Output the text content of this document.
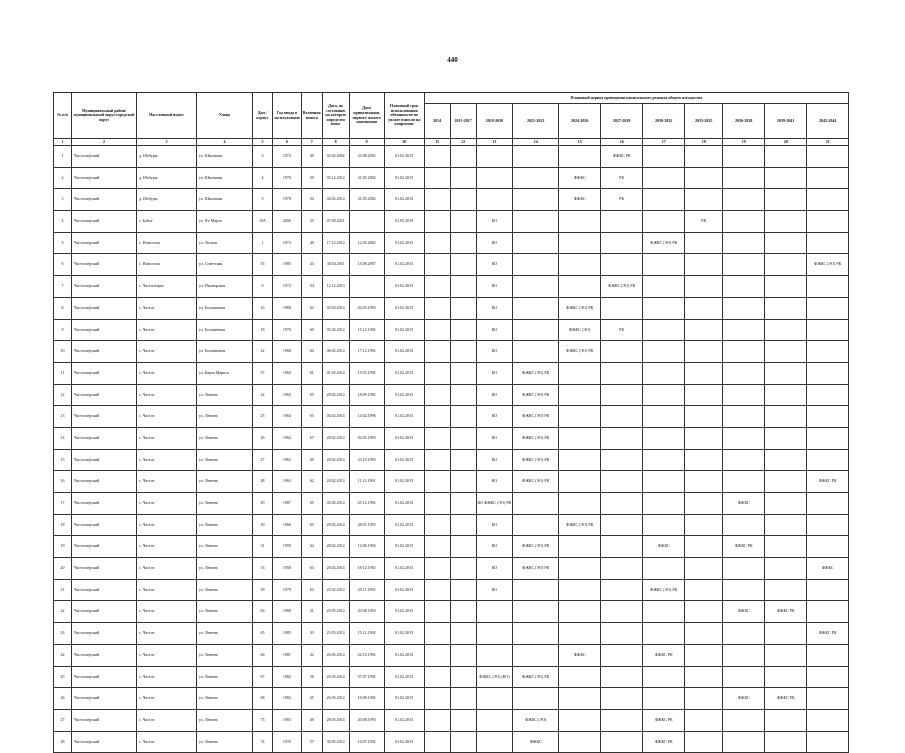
440
№ п/п	Муниципальный район/муниципальный округ/городской округ	Населенный пункт	Улица	Дом / корпус	Год ввода в эксплуатацию	Величина износа	Дата, по состоянию на которую определен износ	Дата приватизации, первого жилого помещения	Плановый срок использования обязанности по уплате взносов на капремонт	Плановый период проведения капитального ремонта общего имущества										
										2014	2015-2017	2018-2020	2021-2023	2024-2026	2027-2029	2030-2032	2033-2035	2036-2038	2039-2041	2042-2044
1	2	3	4	5	6	7	8	9	10	11	12	13	14	15	16	17	18	19	20	21
1	Частоозерский	д. Шебуры	ул. Школьная	3	1974	49	02.02.2002	23.08.2002	01.02.2015						ФЖКС РК					
2	Частоозерский	д. Шебуры	ул. Школьная	4	1970	39	05.12.2014	31.05.2002	01.02.2015					ФЖКС	РК					
3	Частоозерский	д. Шебуры	ул. Школьная	5	1970	54	04.02.2014	31.05.2002	01.02.2015					ФЖКС	РК					
4	Частоозерский	с. Бабье	ул. 8-е Марта	10А	2006	33	07.09.2021		01.05.2019			КО					РК			
5	Частоозерский	с. Новоселы	ул. Лесная	1	1973	40	17.12.2014	12.03.2002	01.02.2015			КО				ФЖКС (ЭО) РК				
6	Частоозерский	с. Новоселы	ул. Советская	35	1985	43	30.04.2011	15.06.2007	01.02.2015			КО								ФЖКС (ЭО) РК
7	Частоозерский	с. Частоозерье	ул. Пионерская	6	1972	54	12.12.2013		01.02.2015			КО			ФЖКС (ЭО) РК					
8	Частоозерский	с. Частое	ул. Больничная	16	1968	62	03.02.2014	02.03.1993	01.02.2015			КО		ФЖКС (ЭО) РК						
9	Частоозерский	с. Частое	ул. Больничная	18	1970	60	05.02.2014	15.12.1992	01.02.2015			КО		ФЖКС (ЭО)	РК					
10	Частоозерский	с. Частое	ул. Больничная	22	1968	64	06.02.2014	17.12.1992	01.02.2015			КО		ФЖКС (ЭО) РК						
11	Частоозерский	с. Частое	ул. Карла Маркса	37	1963	61	01.02.2014	15.03.1992	01.02.2015			КО	ФЖКС (ЭО) РК							
12	Частоозерский	с. Частое	ул. Ленина	24	1963	65	28.02.2014	18.09.1992	01.02.2015			КО	ФЖКС (ЭО) РК							
13	Частоозерский	с. Частое	ул. Ленина	25	1964	65	03.02.2014	14.02.1996	01.02.2015			КО	ФЖКС (ЭО) РК							
14	Частоозерский	с. Частое	ул. Ленина	26	1962	67	28.02.2014	02.03.1993	01.02.2015			КО	ФЖКС (ЭО) РК							
15	Частоозерский	с. Частое	ул. Ленина	27	1963	69	28.02.2014	23.10.1993	01.02.2015			КО	ФЖКС (ЭО) РК							
16	Частоозерский	с. Частое	ул. Ленина	28	1963	62	28.02.2014	11.12.1991	01.02.2015			КО	ФЖКС (ЭО) РК							ФЖКС РК
17	Частоозерский	с. Частое	ул. Ленина	29	1987	65	03.02.2014	25.12.1992	01.02.2015			КО ФЖКС (ЭО) РК						ФЖКС		
18	Частоозерский	с. Частое	ул. Ленина	30	1966	63	28.02.2014	28.01.1993	01.02.2015			КО		ФЖКС (ЭО) РК						
19	Частоозерский	с. Частое	ул. Ленина	31	1959	64	28.02.2014	12.06.1994	01.02.2015			КО	ФЖКС (ЭО) РК			ФЖКС		ФЖКС РК		
20	Частоозерский	с. Частое	ул. Ленина	33	1958	63	28.02.2014	18.12.1992	01.02.2015			КО	ФЖКС (ЭО) РК							ФЖКС
21	Частоозерский	с. Частое	ул. Ленина	39	1979	63	25.02.2014	25.11.1993	01.02.2015			КО				ФЖКС (ЭО) РК				
22	Частоозерский	с. Частое	ул. Ленина	63	1980	31	29.05.2014	20.08.1993	01.02.2015									ФЖКС	ФЖКС РК	
23	Частоозерский	с. Частое	ул. Ленина	65	1985	43	23.05.2014	15.12.1992	01.02.2015											ФЖКС РК
24	Частоозерский	с. Частое	ул. Ленина	66	1981	42	26.05.2014	22.10.1992	01.02.2015					ФЖКС		ФЖКС РК				
25	Частоозерский	с. Частое	ул. Ленина	67	1982	36	26.05.2014	07.07.1992	01.02.2015			ФЖКС (ЭО) (КО)	ФЖКС (ЭО) РК							
26	Частоозерский	с. Частое	ул. Ленина	68	1982	45	26.05.2014	16.08.1992	01.02.2015									ФЖКС	ФЖКС РК	
27	Частоозерский	с. Частое	ул. Ленина	73	1983	40	28.05.2014	20.08.1993	01.02.2015				ФЖКС (ЭО)			ФЖКС РК				
28	Частоозерский	с. Частое	ул. Ленина	74	1976	57	30.05.2014	14.07.1992	01.02.2015				ФЖКС			ФЖКС РК				
